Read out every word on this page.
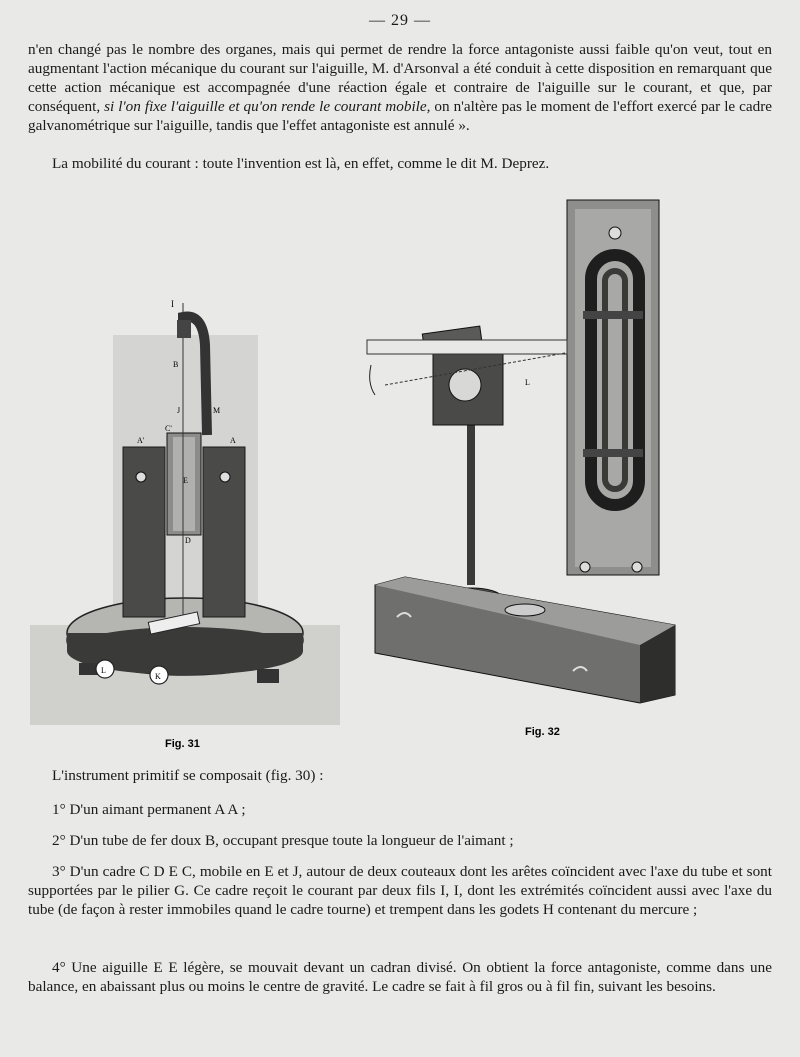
— 29 —
n'en changé pas le nombre des organes, mais qui permet de rendre la force antagoniste aussi faible qu'on veut, tout en augmentant l'action mécanique du courant sur l'aiguille, M. d'Arsonval a été conduit à cette disposition en remarquant que cette action mécanique est accompagnée d'une réaction égale et contraire de l'aiguille sur le courant, et que, par conséquent, si l'on fixe l'aiguille et qu'on rende le courant mobile, on n'altère pas le moment de l'effort exercé par le cadre galvanométrique sur l'aiguille, tandis que l'effet antagoniste est annulé ».
La mobilité du courant : toute l'invention est là, en effet, comme le dit M. Deprez.
I
B
J	M
C'
A'	A
E
D
L
K
L
Fig. 31
Fig. 32
L'instrument primitif se composait (fig. 30) :
1° D'un aimant permanent A A ;
2° D'un tube de fer doux B, occupant presque toute la longueur de l'aimant ;
3° D'un cadre C D E C, mobile en E et J, autour de deux couteaux dont les arêtes coïncident avec l'axe du tube et sont supportées par le pilier G. Ce cadre reçoit le courant par deux fils I, I, dont les extrémités coïncident aussi avec l'axe du tube (de façon à rester immobiles quand le cadre tourne) et trempent dans les godets H contenant du mercure ;
4° Une aiguille E E légère, se mouvait devant un cadran divisé. On obtient la force antagoniste, comme dans une balance, en abaissant plus ou moins le centre de gravité. Le cadre se fait à fil gros ou à fil fin, suivant les besoins.
